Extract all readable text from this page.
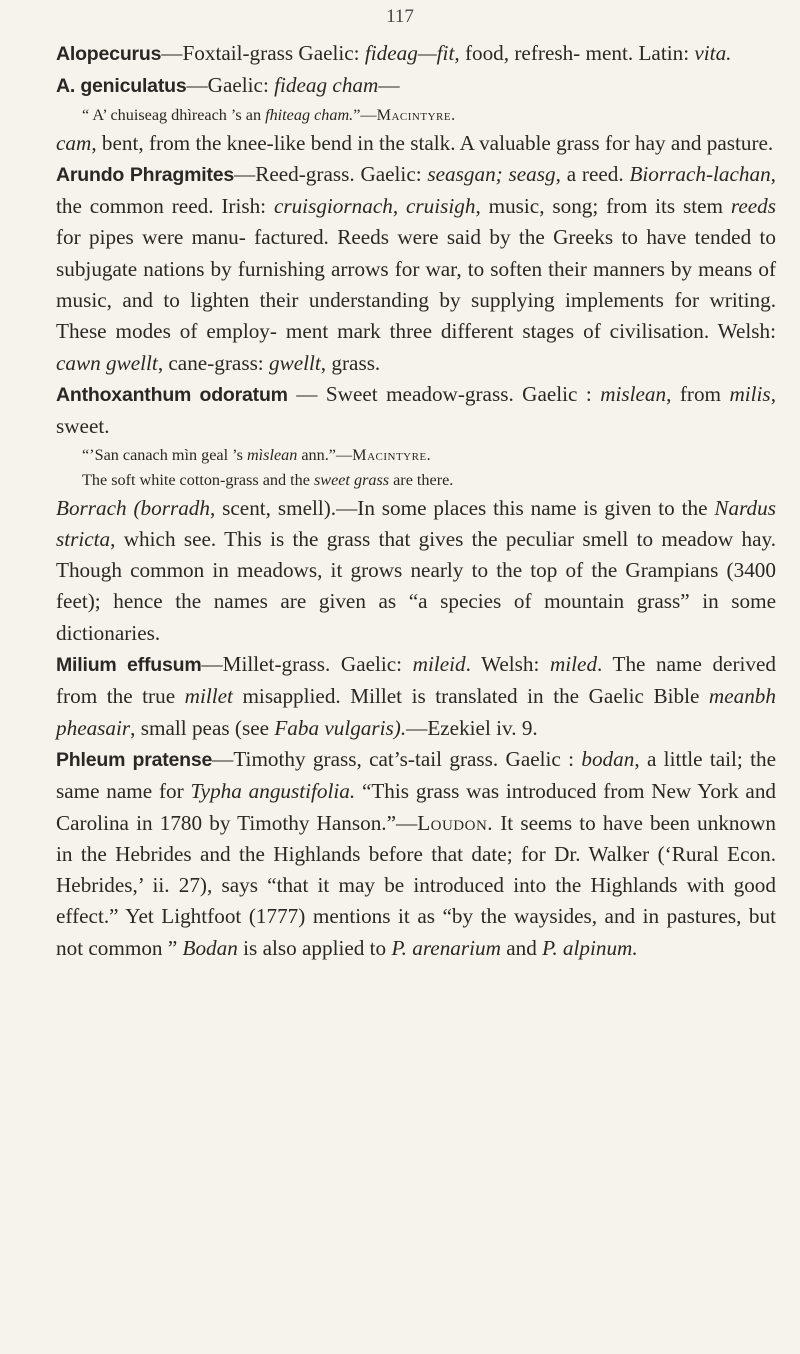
117

Alopecurus—Foxtail-grass Gaelic: fideag—fit, food, refresh- ment. Latin: vita.

A. geniculatus—Gaelic: fideag cham—

“ A’ chuiseag dhìreach ’s an fhiteag cham.”—Macintyre.

cam, bent, from the knee-like bend in the stalk. A valuable grass for hay and pasture.

Arundo Phragmites—Reed-grass. Gaelic: seasgan; seasg, a reed. Biorrach-lachan, the common reed. Irish: cruisgiornach, cruisigh, music, song; from its stem reeds for pipes were manu- factured. Reeds were said by the Greeks to have tended to subjugate nations by furnishing arrows for war, to soften their manners by means of music, and to lighten their understanding by supplying implements for writing. These modes of employ- ment mark three different stages of civilisation. Welsh: cawn gwellt, cane-grass: gwellt, grass.

Anthoxanthum odoratum — Sweet meadow-grass. Gaelic : mislean, from milis, sweet.

“’San canach mìn geal ’s mìslean ann.”—Macintyre.

The soft white cotton-grass and the sweet grass are there.

Borrach (borradh, scent, smell).—In some places this name is given to the Nardus stricta, which see. This is the grass that gives the peculiar smell to meadow hay. Though common in meadows, it grows nearly to the top of the Grampians (3400 feet); hence the names are given as “a species of mountain grass” in some dictionaries.

Milium effusum—Millet-grass. Gaelic: mileid. Welsh: miled. The name derived from the true millet misapplied. Millet is translated in the Gaelic Bible meanbh pheasair, small peas (see Faba vulgaris).—Ezekiel iv. 9.

Phleum pratense—Timothy grass, cat’s-tail grass. Gaelic : bodan, a little tail; the same name for Typha angustifolia. “This grass was introduced from New York and Carolina in 1780 by Timothy Hanson.”—Loudon. It seems to have been unknown in the Hebrides and the Highlands before that date; for Dr. Walker (‘Rural Econ. Hebrides,’ ii. 27), says “that it may be introduced into the Highlands with good effect.” Yet Lightfoot (1777) mentions it as “by the waysides, and in pastures, but not common ” Bodan is also applied to P. arenarium and P. alpinum.
